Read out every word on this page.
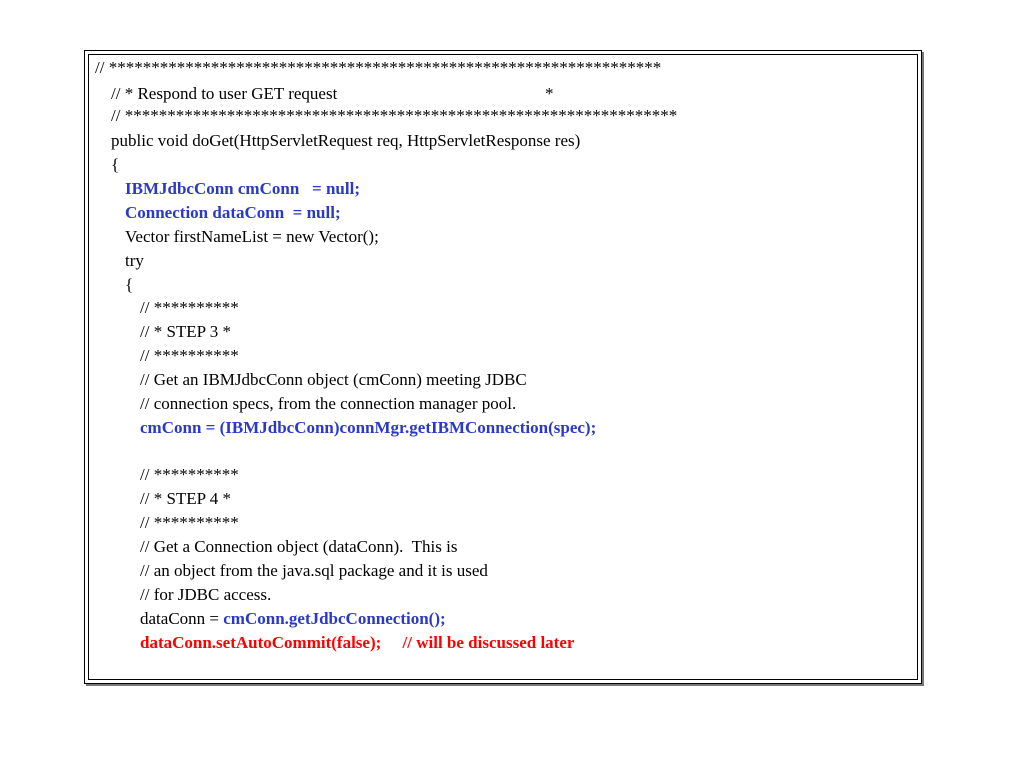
// *****************************************************************
// * Respond to user GET request	*
// *****************************************************************
public void doGet(HttpServletRequest req, HttpServletResponse res)
{
IBMJdbcConn cmConn   = null;
Connection dataConn  = null;
Vector firstNameList = new Vector();
try
{
// **********
// * STEP 3 *
// **********
// Get an IBMJdbcConn object (cmConn) meeting JDBC
// connection specs, from the connection manager pool.
cmConn = (IBMJdbcConn)connMgr.getIBMConnection(spec);
// **********
// * STEP 4 *
// **********
// Get a Connection object (dataConn).  This is
// an object from the java.sql package and it is used
// for JDBC access.
dataConn = cmConn.getJdbcConnection();
dataConn.setAutoCommit(false);     // will be discussed later
